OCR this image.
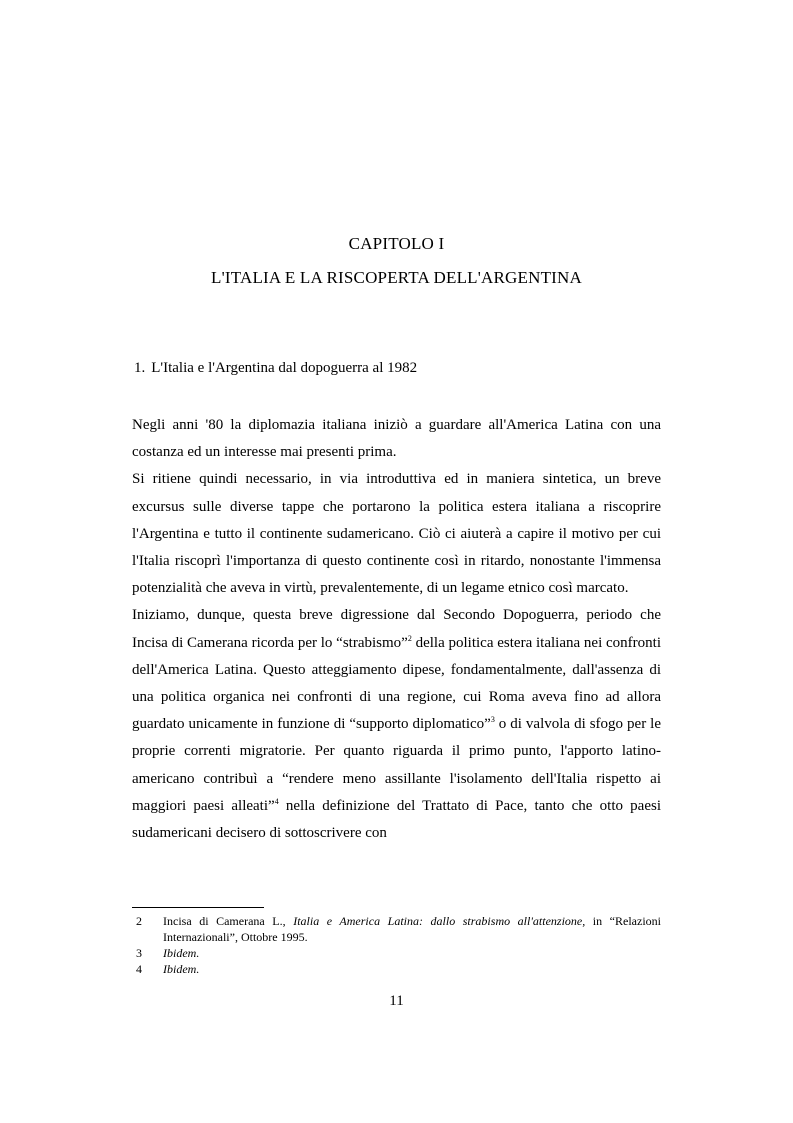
CAPITOLO I
L'ITALIA E LA RISCOPERTA DELL'ARGENTINA
1. L'Italia e l'Argentina dal dopoguerra al 1982

Negli anni '80 la diplomazia italiana iniziò a guardare all'America Latina con una costanza ed un interesse mai presenti prima.

Si ritiene quindi necessario, in via introduttiva ed in maniera sintetica, un breve excursus sulle diverse tappe che portarono la politica estera italiana a riscoprire l'Argentina e tutto il continente sudamericano. Ciò ci aiuterà a capire il motivo per cui l'Italia riscoprì l'importanza di questo continente così in ritardo, nonostante l'immensa potenzialità che aveva in virtù, prevalentemente, di un legame etnico così marcato.

Iniziamo, dunque, questa breve digressione dal Secondo Dopoguerra, periodo che Incisa di Camerana ricorda per lo “strabismo”$^2$ della politica estera italiana nei confronti dell'America Latina. Questo atteggiamento dipese, fondamentalmente, dall'assenza di una politica organica nei confronti di una regione, cui Roma aveva fino ad allora guardato unicamente in funzione di “supporto diplomatico”$^3$ o di valvola di sfogo per le proprie correnti migratorie. Per quanto riguarda il primo punto, l'apporto latino-americano contribuì a “rendere meno assillante l'isolamento dell'Italia rispetto ai maggiori paesi alleati”$^4$ nella definizione del Trattato di Pace, tanto che otto paesi sudamericani decisero di sottoscrivere con

2	Incisa di Camerana L., Italia e America Latina: dallo strabismo all'attenzione, in “Relazioni Internazionali”, Ottobre 1995.
3	Ibidem.
4	Ibidem.
11
